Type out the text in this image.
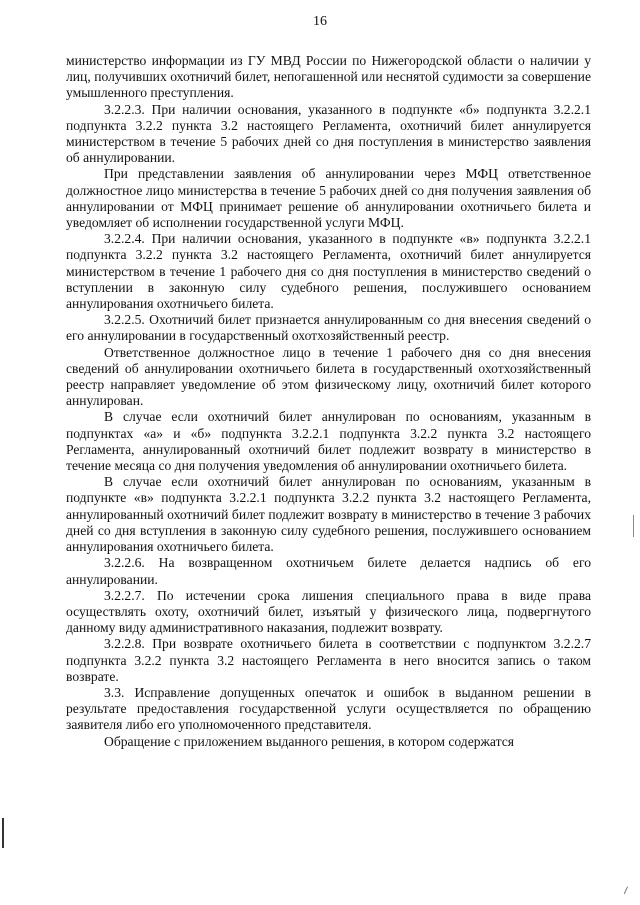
16

министерство информации из ГУ МВД России по Нижегородской области о наличии у лиц, получивших охотничий билет, непогашенной или неснятой судимости за совершение умышленного преступления.

3.2.2.3. При наличии основания, указанного в подпункте «б» подпункта 3.2.2.1 подпункта 3.2.2 пункта 3.2 настоящего Регламента, охотничий билет аннулируется министерством в течение 5 рабочих дней со дня поступления в министерство заявления об аннулировании.

При представлении заявления об аннулировании через МФЦ ответственное должностное лицо министерства в течение 5 рабочих дней со дня получения заявления об аннулировании от МФЦ принимает решение об аннулировании охотничьего билета и уведомляет об исполнении государственной услуги МФЦ.

3.2.2.4. При наличии основания, указанного в подпункте «в» подпункта 3.2.2.1 подпункта 3.2.2 пункта 3.2 настоящего Регламента, охотничий билет аннулируется министерством в течение 1 рабочего дня со дня поступления в министерство сведений о вступлении в законную силу судебного решения, послужившего основанием аннулирования охотничьего билета.

3.2.2.5. Охотничий билет признается аннулированным со дня внесения сведений о его аннулировании в государственный охотхозяйственный реестр.

Ответственное должностное лицо в течение 1 рабочего дня со дня внесения сведений об аннулировании охотничьего билета в государственный охотхозяйственный реестр направляет уведомление об этом физическому лицу, охотничий билет которого аннулирован.

В случае если охотничий билет аннулирован по основаниям, указанным в подпунктах «а» и «б» подпункта 3.2.2.1 подпункта 3.2.2 пункта 3.2 настоящего Регламента, аннулированный охотничий билет подлежит возврату в министерство в течение месяца со дня получения уведомления об аннулировании охотничьего билета.

В случае если охотничий билет аннулирован по основаниям, указанным в подпункте «в» подпункта 3.2.2.1 подпункта 3.2.2 пункта 3.2 настоящего Регламента, аннулированный охотничий билет подлежит возврату в министерство в течение 3 рабочих дней со дня вступления в законную силу судебного решения, послужившего основанием аннулирования охотничьего билета.

3.2.2.6. На возвращенном охотничьем билете делается надпись об его аннулировании.

3.2.2.7. По истечении срока лишения специального права в виде права осуществлять охоту, охотничий билет, изъятый у физического лица, подвергнутого данному виду административного наказания, подлежит возврату.

3.2.2.8. При возврате охотничьего билета в соответствии с подпунктом 3.2.2.7 подпункта 3.2.2 пункта 3.2 настоящего Регламента в него вносится запись о таком возврате.

3.3. Исправление допущенных опечаток и ошибок в выданном решении в результате предоставления государственной услуги осуществляется по обращению заявителя либо его уполномоченного представителя.

Обращение с приложением выданного решения, в котором содержатся
